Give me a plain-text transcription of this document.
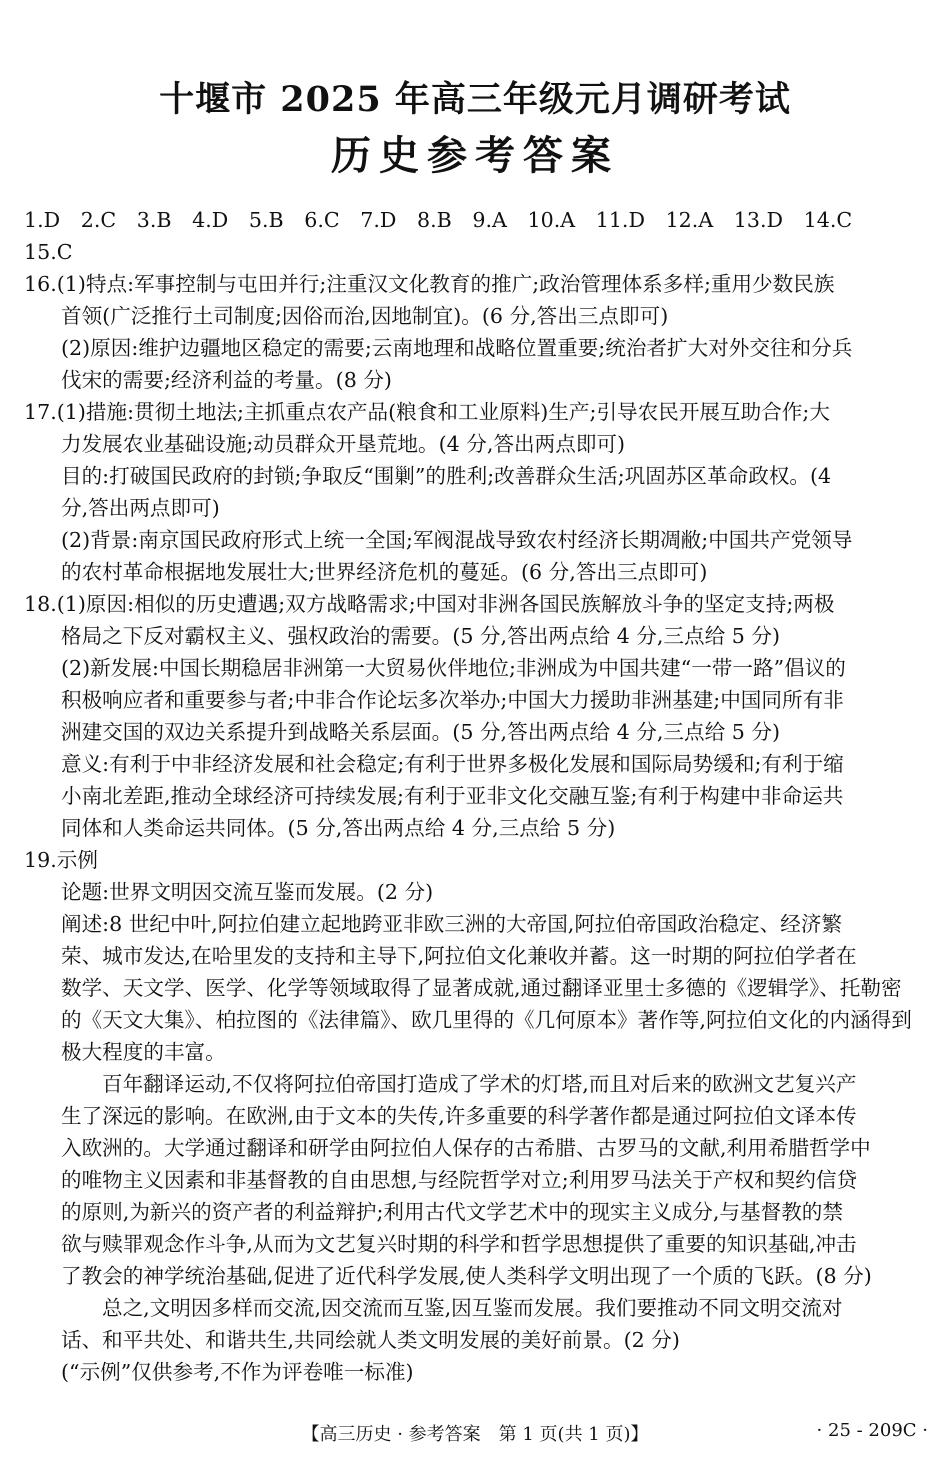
十堰市 2025 年高三年级元月调研考试
历史参考答案
1.D　2.C　3.B　4.D　5.B　6.C　7.D　8.B　9.A　10.A　11.D　12.A　13.D　14.C
15.C
16.(1)特点:军事控制与屯田并行;注重汉文化教育的推广;政治管理体系多样;重用少数民族
首领(广泛推行土司制度;因俗而治,因地制宜)。(6 分,答出三点即可)
(2)原因:维护边疆地区稳定的需要;云南地理和战略位置重要;统治者扩大对外交往和分兵
伐宋的需要;经济利益的考量。(8 分)
17.(1)措施:贯彻土地法;主抓重点农产品(粮食和工业原料)生产;引导农民开展互助合作;大
力发展农业基础设施;动员群众开垦荒地。(4 分,答出两点即可)
目的:打破国民政府的封锁;争取反“围剿”的胜利;改善群众生活;巩固苏区革命政权。(4
分,答出两点即可)
(2)背景:南京国民政府形式上统一全国;军阀混战导致农村经济长期凋敝;中国共产党领导
的农村革命根据地发展壮大;世界经济危机的蔓延。(6 分,答出三点即可)
18.(1)原因:相似的历史遭遇;双方战略需求;中国对非洲各国民族解放斗争的坚定支持;两极
格局之下反对霸权主义、强权政治的需要。(5 分,答出两点给 4 分,三点给 5 分)
(2)新发展:中国长期稳居非洲第一大贸易伙伴地位;非洲成为中国共建“一带一路”倡议的
积极响应者和重要参与者;中非合作论坛多次举办;中国大力援助非洲基建;中国同所有非
洲建交国的双边关系提升到战略关系层面。(5 分,答出两点给 4 分,三点给 5 分)
意义:有利于中非经济发展和社会稳定;有利于世界多极化发展和国际局势缓和;有利于缩
小南北差距,推动全球经济可持续发展;有利于亚非文化交融互鉴;有利于构建中非命运共
同体和人类命运共同体。(5 分,答出两点给 4 分,三点给 5 分)
19.示例
论题:世界文明因交流互鉴而发展。(2 分)
阐述:8 世纪中叶,阿拉伯建立起地跨亚非欧三洲的大帝国,阿拉伯帝国政治稳定、经济繁
荣、城市发达,在哈里发的支持和主导下,阿拉伯文化兼收并蓄。这一时期的阿拉伯学者在
数学、天文学、医学、化学等领域取得了显著成就,通过翻译亚里士多德的《逻辑学》、托勒密
的《天文大集》、柏拉图的《法律篇》、欧几里得的《几何原本》著作等,阿拉伯文化的内涵得到
极大程度的丰富。
百年翻译运动,不仅将阿拉伯帝国打造成了学术的灯塔,而且对后来的欧洲文艺复兴产
生了深远的影响。在欧洲,由于文本的失传,许多重要的科学著作都是通过阿拉伯文译本传
入欧洲的。大学通过翻译和研学由阿拉伯人保存的古希腊、古罗马的文献,利用希腊哲学中
的唯物主义因素和非基督教的自由思想,与经院哲学对立;利用罗马法关于产权和契约信贷
的原则,为新兴的资产者的利益辩护;利用古代文学艺术中的现实主义成分,与基督教的禁
欲与赎罪观念作斗争,从而为文艺复兴时期的科学和哲学思想提供了重要的知识基础,冲击
了教会的神学统治基础,促进了近代科学发展,使人类科学文明出现了一个质的飞跃。(8 分)
总之,文明因多样而交流,因交流而互鉴,因互鉴而发展。我们要推动不同文明交流对
话、和平共处、和谐共生,共同绘就人类文明发展的美好前景。(2 分)
(“示例”仅供参考,不作为评卷唯一标准)
【高三历史 · 参考答案　第 1 页(共 1 页)】	· 25 - 209C ·
